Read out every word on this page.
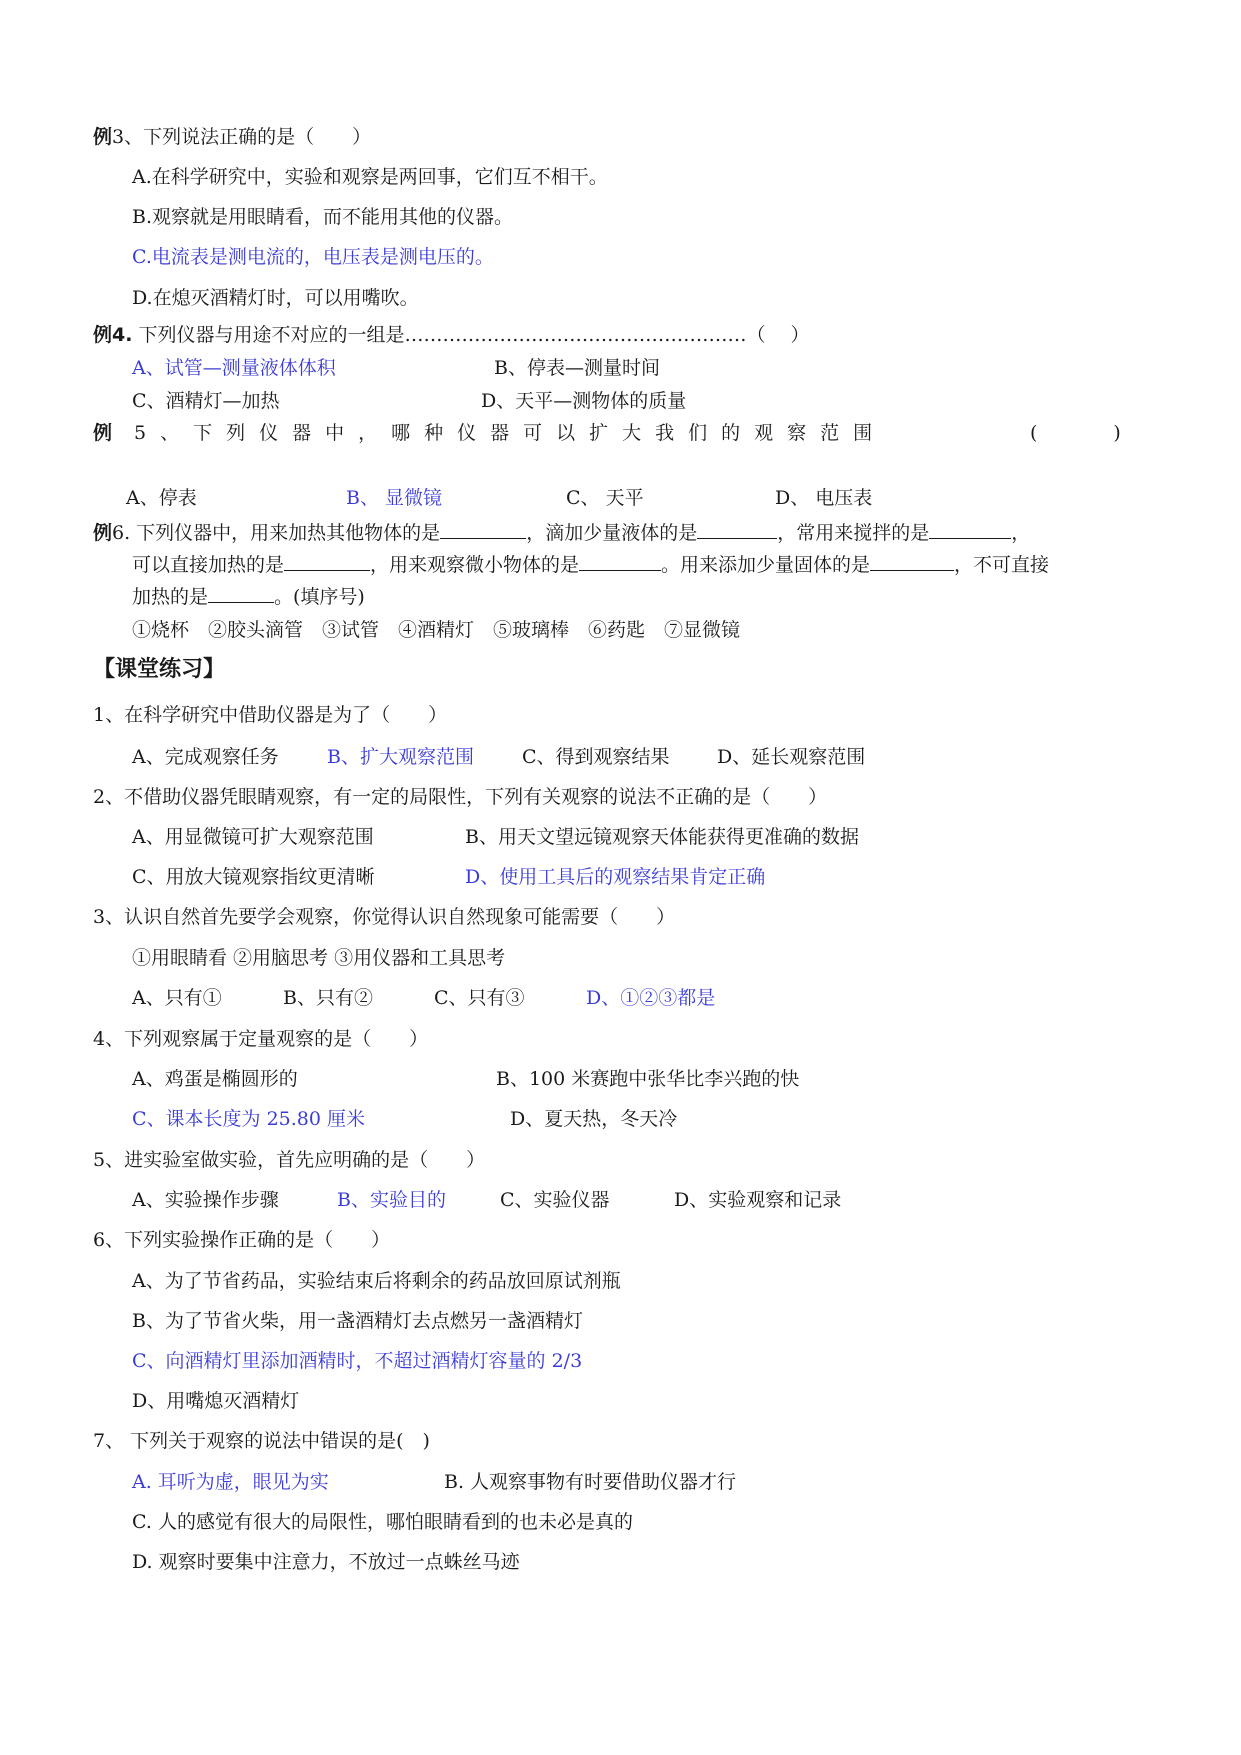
例3、下列说法正确的是（　　）
A.在科学研究中，实验和观察是两回事，它们互不相干。
B.观察就是用眼睛看，而不能用其他的仪器。
C.电流表是测电流的，电压表是测电压的。
D.在熄灭酒精灯时，可以用嘴吹。
例4. 下列仪器与用途不对应的一组是………………………………………………（　 ）
A、试管—测量液体体积	B、停表—测量时间
C、酒精灯—加热	D、天平—测物体的质量
例 5、下列仪器中，哪种仪器可以扩大我们的观察范围	(　　　　)
A、停表	B、 显微镜	C、 天平	D、 电压表
例6. 下列仪器中，用来加热其他物体的是	，滴加少量液体的是	，常用来搅拌的是	，
可以直接加热的是	，用来观察微小物体的是	。用来添加少量固体的是	，不可直接
加热的是	。(填序号)
①烧杯　②胶头滴管　③试管　④酒精灯　⑤玻璃棒　⑥药匙　⑦显微镜
【课堂练习】
1、在科学研究中借助仪器是为了（　　）
A、完成观察任务	B、扩大观察范围	C、得到观察结果 D、延长观察范围
2、不借助仪器凭眼睛观察，有一定的局限性，下列有关观察的说法不正确的是（　　）
A、用显微镜可扩大观察范围	B、用天文望远镜观察天体能获得更准确的数据
C、用放大镜观察指纹更清晰	D、使用工具后的观察结果肯定正确
3、认识自然首先要学会观察，你觉得认识自然现象可能需要（　　）
①用眼睛看 ②用脑思考 ③用仪器和工具思考
A、只有①	B、只有②	C、只有③	D、①②③都是
4、下列观察属于定量观察的是（　　）
A、鸡蛋是椭圆形的	B、100 米赛跑中张华比李兴跑的快
C、课本长度为 25.80 厘米	D、夏天热，冬天冷
5、进实验室做实验，首先应明确的是（　　）
A、实验操作步骤	B、实验目的	C、实验仪器	D、实验观察和记录
6、下列实验操作正确的是（　　）
A、为了节省药品，实验结束后将剩余的药品放回原试剂瓶
B、为了节省火柴，用一盏酒精灯去点燃另一盏酒精灯
C、向酒精灯里添加酒精时，不超过酒精灯容量的 2/3
D、用嘴熄灭酒精灯
7、 下列关于观察的说法中错误的是(　)
A. 耳听为虚，眼见为实	B. 人观察事物有时要借助仪器才行
C. 人的感觉有很大的局限性，哪怕眼睛看到的也未必是真的
D. 观察时要集中注意力，不放过一点蛛丝马迹
